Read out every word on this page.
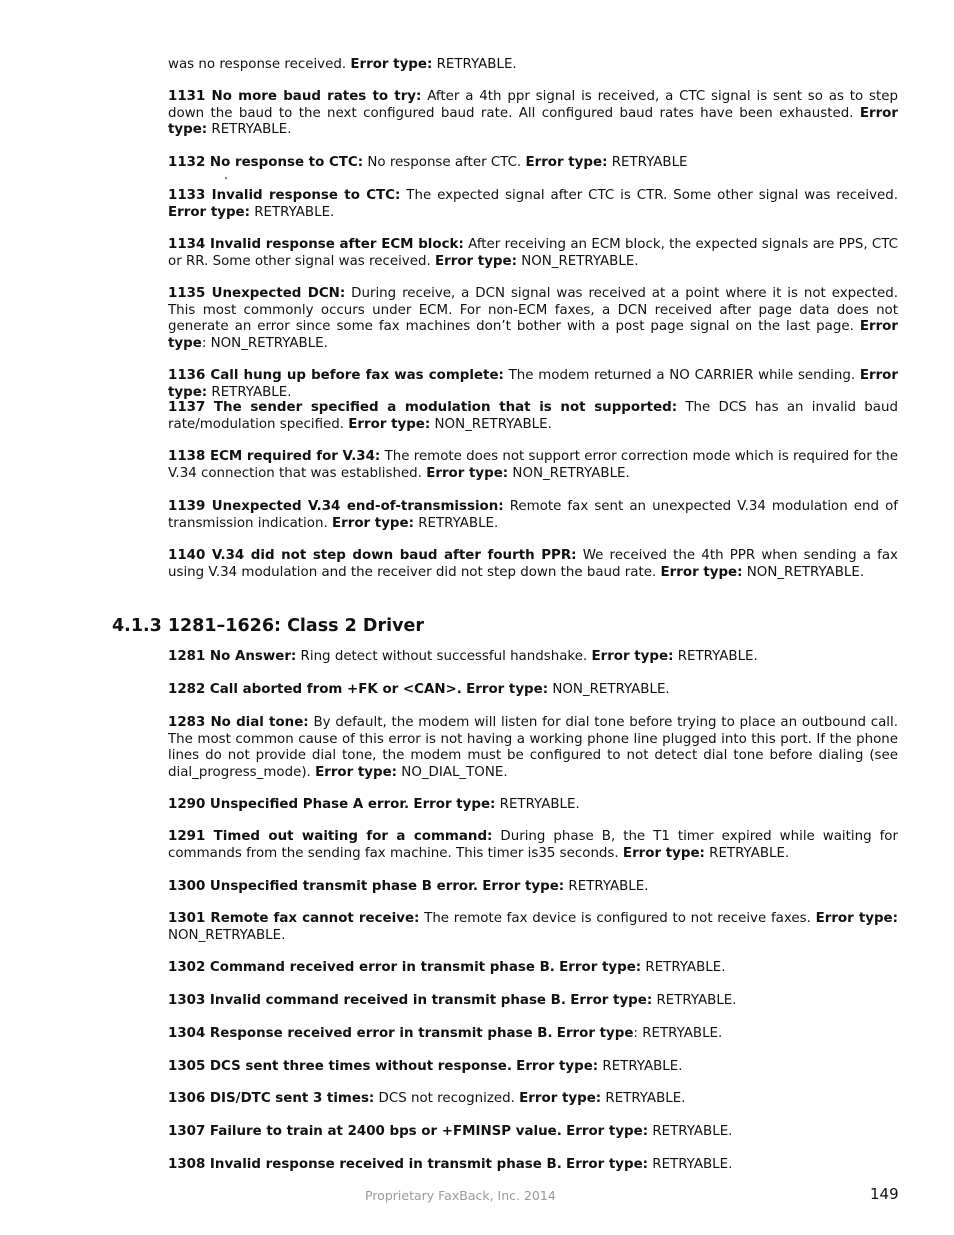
was no response received. Error type: RETRYABLE.

1131 No more baud rates to try: After a 4th ppr signal is received, a CTC signal is sent so as to step down the baud to the next configured baud rate. All configured baud rates have been exhausted. Error type: RETRYABLE.

1132 No response to CTC: No response after CTC. Error type: RETRYABLE

1133 Invalid response to CTC: The expected signal after CTC is CTR. Some other signal was received. Error type: RETRYABLE.

1134 Invalid response after ECM block: After receiving an ECM block, the expected signals are PPS, CTC or RR. Some other signal was received. Error type: NON_RETRYABLE.

1135 Unexpected DCN: During receive, a DCN signal was received at a point where it is not expected. This most commonly occurs under ECM. For non-ECM faxes, a DCN received after page data does not generate an error since some fax machines don’t bother with a post page signal on the last page. Error type: NON_RETRYABLE.

1136 Call hung up before fax was complete: The modem returned a NO CARRIER while sending. Error type: RETRYABLE.

1137 The sender specified a modulation that is not supported: The DCS has an invalid baud rate/modulation specified. Error type: NON_RETRYABLE.

1138 ECM required for V.34: The remote does not support error correction mode which is required for the V.34 connection that was established. Error type: NON_RETRYABLE.

1139 Unexpected V.34 end-of-transmission: Remote fax sent an unexpected V.34 modulation end of transmission indication. Error type: RETRYABLE.

1140 V.34 did not step down baud after fourth PPR: We received the 4th PPR when sending a fax using V.34 modulation and the receiver did not step down the baud rate. Error type: NON_RETRYABLE.

.
4.1.3 1281–1626: Class 2 Driver

1281 No Answer: Ring detect without successful handshake. Error type: RETRYABLE.

1282 Call aborted from +FK or <CAN>. Error type: NON_RETRYABLE.

1283 No dial tone: By default, the modem will listen for dial tone before trying to place an outbound call. The most common cause of this error is not having a working phone line plugged into this port. If the phone lines do not provide dial tone, the modem must be configured to not detect dial tone before dialing (see dial_progress_mode). Error type: NO_DIAL_TONE.

1290 Unspecified Phase A error. Error type: RETRYABLE.

1291 Timed out waiting for a command: During phase B, the T1 timer expired while waiting for commands from the sending fax machine. This timer is35 seconds. Error type: RETRYABLE.

1300 Unspecified transmit phase B error. Error type: RETRYABLE.

1301 Remote fax cannot receive: The remote fax device is configured to not receive faxes. Error type: NON_RETRYABLE.

1302 Command received error in transmit phase B. Error type: RETRYABLE.

1303 Invalid command received in transmit phase B. Error type: RETRYABLE.

1304 Response received error in transmit phase B. Error type: RETRYABLE.

1305 DCS sent three times without response. Error type: RETRYABLE.

1306 DIS/DTC sent 3 times: DCS not recognized. Error type: RETRYABLE.

1307 Failure to train at 2400 bps or +FMINSP value. Error type: RETRYABLE.

1308 Invalid response received in transmit phase B. Error type: RETRYABLE.

Proprietary FaxBack, Inc. 2014	149
